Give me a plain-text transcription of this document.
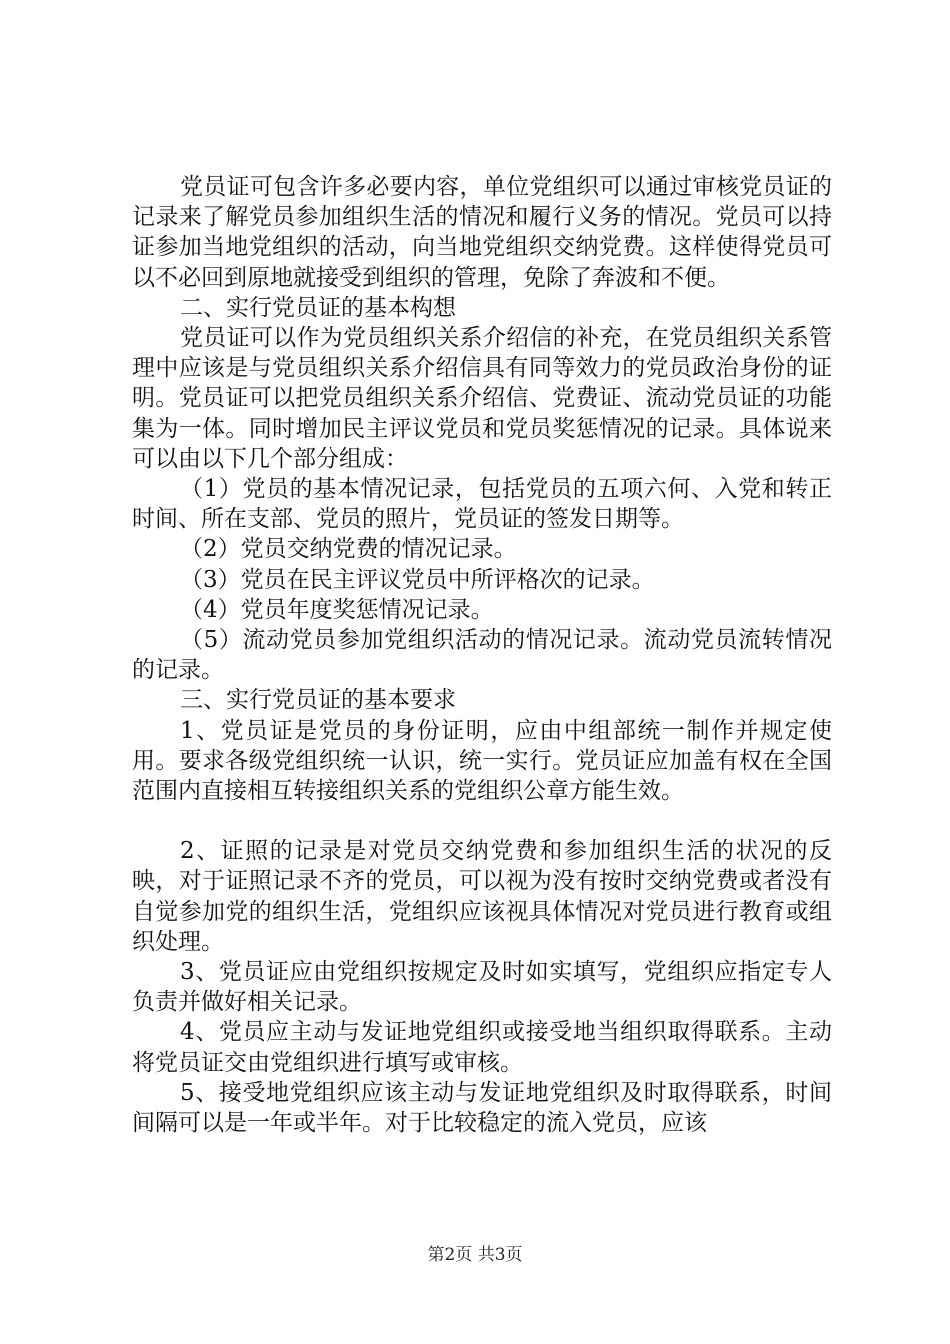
党员证可包含许多必要内容，单位党组织可以通过审核党员证的记录来了解党员参加组织生活的情况和履行义务的情况。党员可以持证参加当地党组织的活动，向当地党组织交纳党费。这样使得党员可以不必回到原地就接受到组织的管理，免除了奔波和不便。

二、实行党员证的基本构想

党员证可以作为党员组织关系介绍信的补充，在党员组织关系管理中应该是与党员组织关系介绍信具有同等效力的党员政治身份的证明。党员证可以把党员组织关系介绍信、党费证、流动党员证的功能集为一体。同时增加民主评议党员和党员奖惩情况的记录。具体说来可以由以下几个部分组成：

（1）党员的基本情况记录，包括党员的五项六何、入党和转正时间、所在支部、党员的照片，党员证的签发日期等。

（2）党员交纳党费的情况记录。

（3）党员在民主评议党员中所评格次的记录。

（4）党员年度奖惩情况记录。

（5）流动党员参加党组织活动的情况记录。流动党员流转情况的记录。

三、实行党员证的基本要求

1、党员证是党员的身份证明，应由中组部统一制作并规定使用。要求各级党组织统一认识，统一实行。党员证应加盖有权在全国范围内直接相互转接组织关系的党组织公章方能生效。

2、证照的记录是对党员交纳党费和参加组织生活的状况的反映，对于证照记录不齐的党员，可以视为没有按时交纳党费或者没有自觉参加党的组织生活，党组织应该视具体情况对党员进行教育或组织处理。

3、党员证应由党组织按规定及时如实填写，党组织应指定专人负责并做好相关记录。

4、党员应主动与发证地党组织或接受地当组织取得联系。主动将党员证交由党组织进行填写或审核。

5、接受地党组织应该主动与发证地党组织及时取得联系，时间间隔可以是一年或半年。对于比较稳定的流入党员，应该

第2页 共3页
